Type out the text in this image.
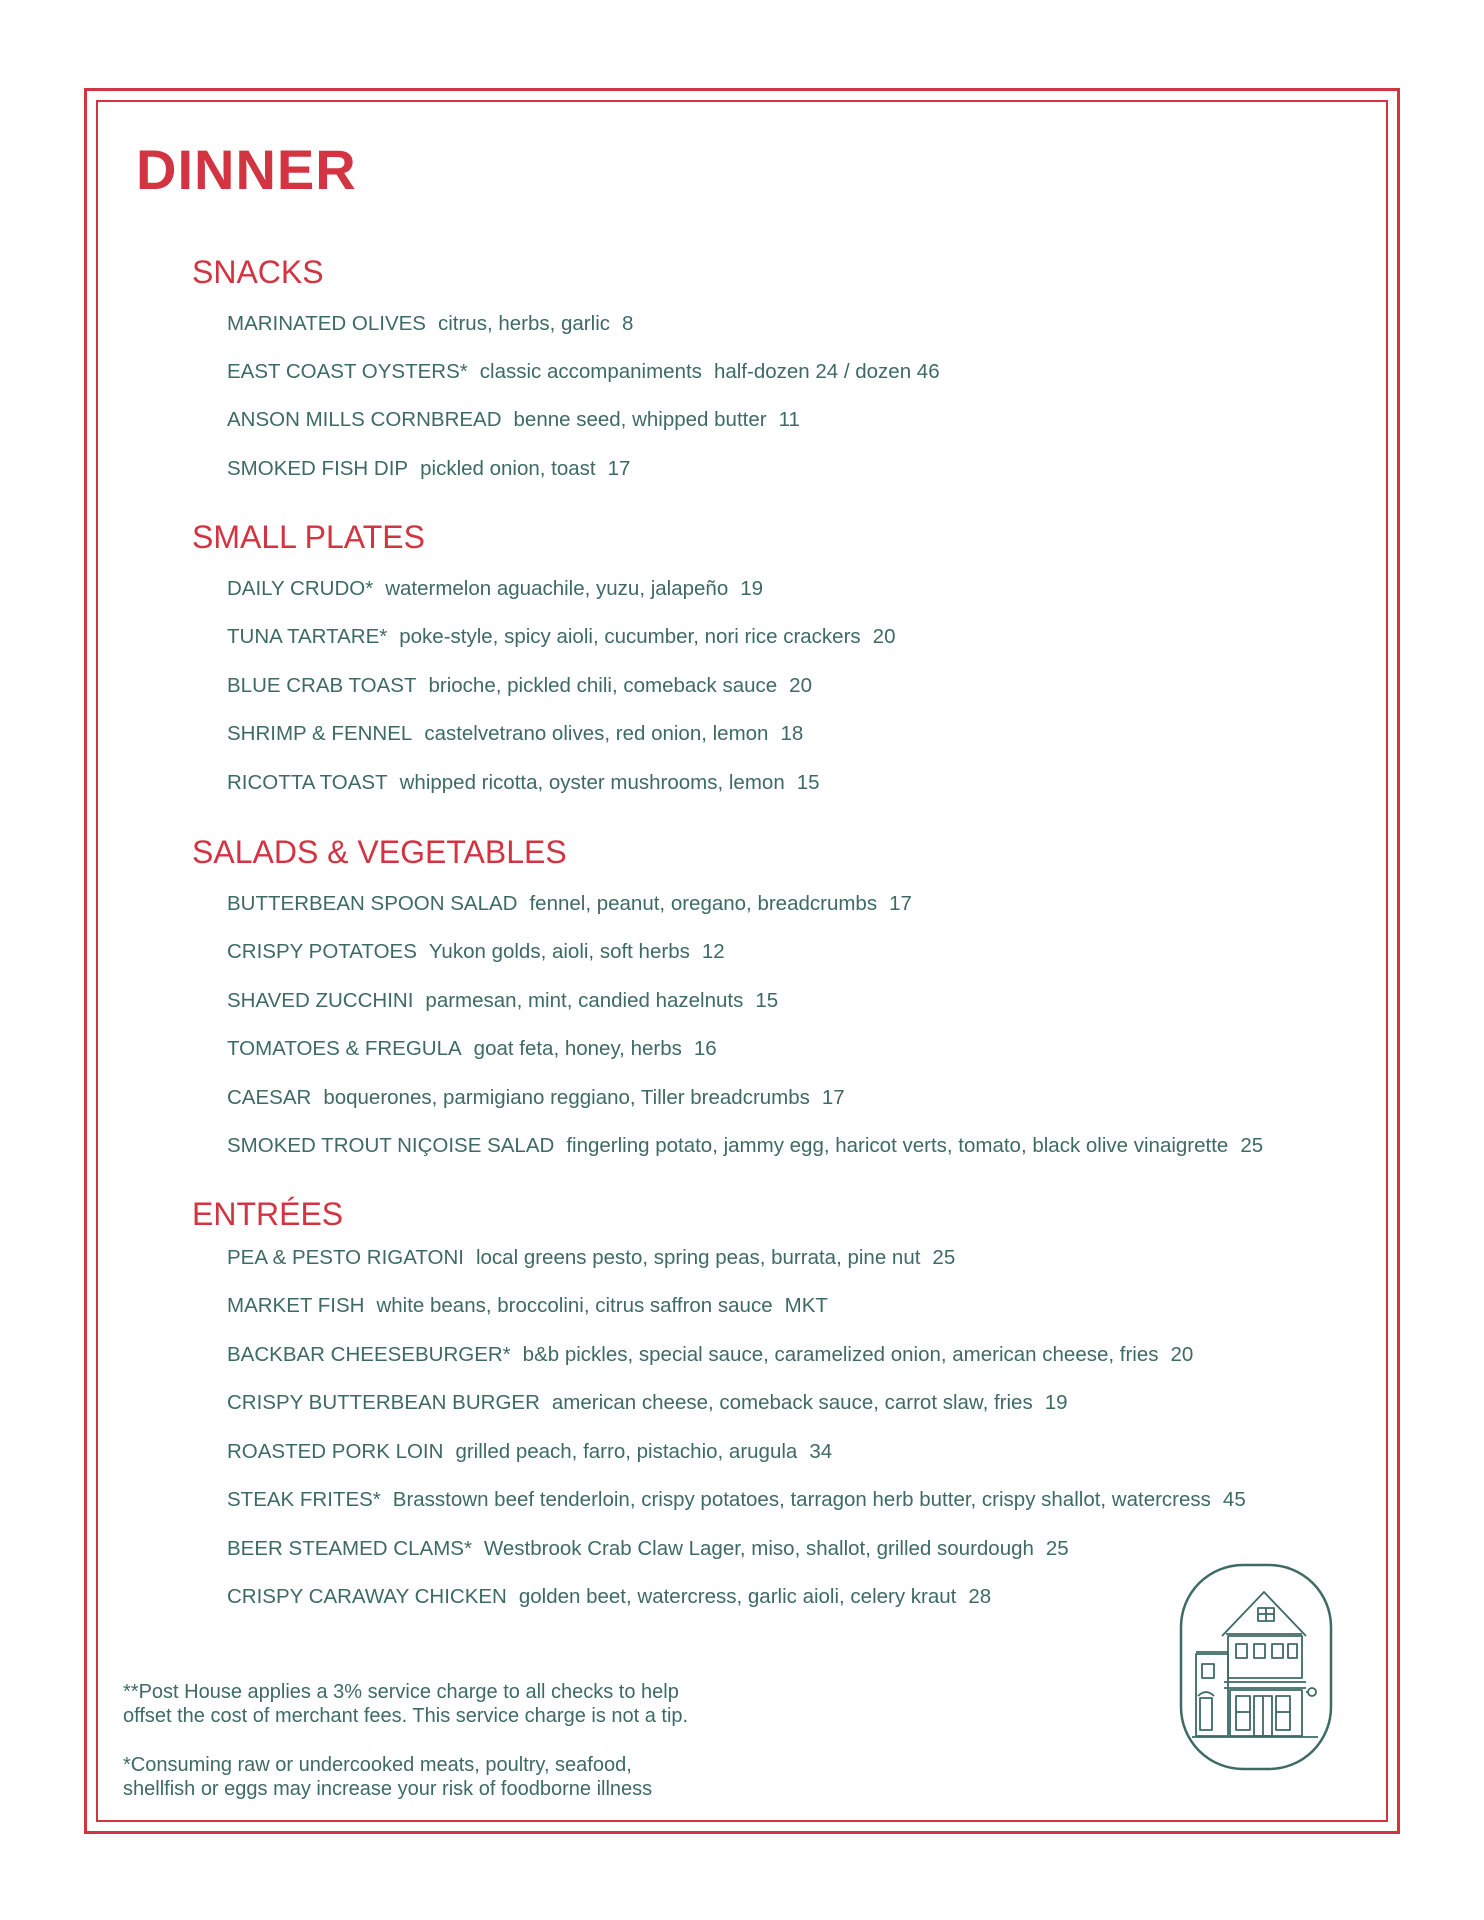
DINNER
SNACKS

MARINATED OLIVES citrus, herbs, garlic 8

EAST COAST OYSTERS* classic accompaniments half-dozen 24 / dozen 46

ANSON MILLS CORNBREAD benne seed, whipped butter 11

SMOKED FISH DIP pickled onion, toast 17

SMALL PLATES

DAILY CRUDO* watermelon aguachile, yuzu, jalapeño 19

TUNA TARTARE* poke-style, spicy aioli, cucumber, nori rice crackers 20

BLUE CRAB TOAST brioche, pickled chili, comeback sauce 20

SHRIMP & FENNEL castelvetrano olives, red onion, lemon 18

RICOTTA TOAST whipped ricotta, oyster mushrooms, lemon 15

SALADS & VEGETABLES

BUTTERBEAN SPOON SALAD fennel, peanut, oregano, breadcrumbs 17

CRISPY POTATOES Yukon golds, aioli, soft herbs 12

SHAVED ZUCCHINI parmesan, mint, candied hazelnuts 15

TOMATOES & FREGULA goat feta, honey, herbs 16

CAESAR boquerones, parmigiano reggiano, Tiller breadcrumbs 17

SMOKED TROUT NIÇOISE SALAD fingerling potato, jammy egg, haricot verts, tomato, black olive vinaigrette 25

ENTRÉES

PEA & PESTO RIGATONI local greens pesto, spring peas, burrata, pine nut 25

MARKET FISH white beans, broccolini, citrus saffron sauce MKT

BACKBAR CHEESEBURGER* b&b pickles, special sauce, caramelized onion, american cheese, fries 20

CRISPY BUTTERBEAN BURGER american cheese, comeback sauce, carrot slaw, fries 19

ROASTED PORK LOIN grilled peach, farro, pistachio, arugula 34

STEAK FRITES* Brasstown beef tenderloin, crispy potatoes, tarragon herb butter, crispy shallot, watercress 45

BEER STEAMED CLAMS* Westbrook Crab Claw Lager, miso, shallot, grilled sourdough 25

CRISPY CARAWAY CHICKEN golden beet, watercress, garlic aioli, celery kraut 28

**Post House applies a 3% service charge to all checks to help
offset the cost of merchant fees. This service charge is not a tip.
*Consuming raw or undercooked meats, poultry, seafood,
shellfish or eggs may increase your risk of foodborne illness
